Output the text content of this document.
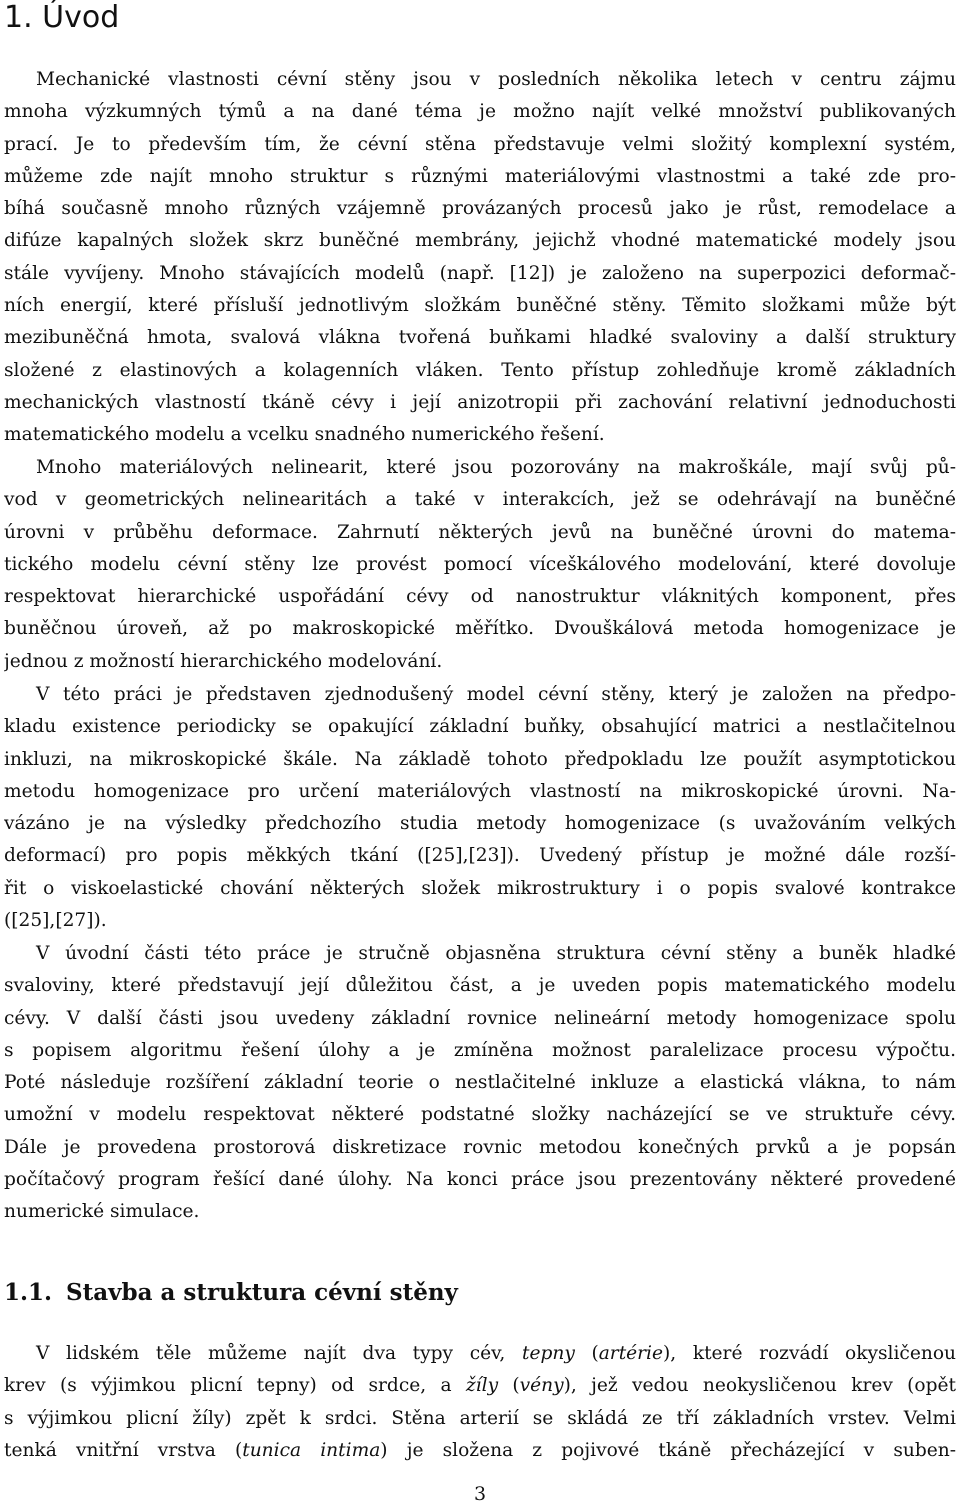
1. Úvod

Mechanické vlastnosti cévní stěny jsou v posledních několika letech v centru zájmu
mnoha výzkumných týmů a na dané téma je možno najít velké množství publikovaných
prací. Je to především tím, že cévní stěna představuje velmi složitý komplexní systém,
můžeme zde najít mnoho struktur s různými materiálovými vlastnostmi a také zde pro-
bíhá současně mnoho různých vzájemně provázaných procesů jako je růst, remodelace a
difúze kapalných složek skrz buněčné membrány, jejichž vhodné matematické modely jsou
stále vyvíjeny. Mnoho stávajících modelů (např. [12]) je založeno na superpozici deformač-
ních energií, které přísluší jednotlivým složkám buněčné stěny. Těmito složkami může být
mezibuněčná hmota, svalová vlákna tvořená buňkami hladké svaloviny a další struktury
složené z elastinových a kolagenních vláken. Tento přístup zohledňuje kromě základních
mechanických vlastností tkáně cévy i její anizotropii při zachování relativní jednoduchosti
matematického modelu a vcelku snadného numerického řešení.

Mnoho materiálových nelinearit, které jsou pozorovány na makroškále, mají svůj pů-
vod v geometrických nelinearitách a také v interakcích, jež se odehrávají na buněčné
úrovni v průběhu deformace. Zahrnutí některých jevů na buněčné úrovni do matema-
tického modelu cévní stěny lze provést pomocí víceškálového modelování, které dovoluje
respektovat hierarchické uspořádání cévy od nanostruktur vláknitých komponent, přes
buněčnou úroveň, až po makroskopické měřítko. Dvouškálová metoda homogenizace je
jednou z možností hierarchického modelování.

V této práci je představen zjednodušený model cévní stěny, který je založen na předpo-
kladu existence periodicky se opakující základní buňky, obsahující matrici a nestlačitelnou
inkluzi, na mikroskopické škále. Na základě tohoto předpokladu lze použít asymptotickou
metodu homogenizace pro určení materiálových vlastností na mikroskopické úrovni. Na-
vázáno je na výsledky předchozího studia metody homogenizace (s uvažováním velkých
deformací) pro popis měkkých tkání ([25],[23]). Uvedený přístup je možné dále rozší-
řit o viskoelastické chování některých složek mikrostruktury i o popis svalové kontrakce
([25],[27]).

V úvodní části této práce je stručně objasněna struktura cévní stěny a buněk hladké
svaloviny, které představují její důležitou část, a je uveden popis matematického modelu
cévy. V další části jsou uvedeny základní rovnice nelineární metody homogenizace spolu
s popisem algoritmu řešení úlohy a je zmíněna možnost paralelizace procesu výpočtu.
Poté následuje rozšíření základní teorie o nestlačitelné inkluze a elastická vlákna, to nám
umožní v modelu respektovat některé podstatné složky nacházející se ve struktuře cévy.
Dále je provedena prostorová diskretizace rovnic metodou konečných prvků a je popsán
počítačový program řešící dané úlohy. Na konci práce jsou prezentovány některé provedené
numerické simulace.

1.1. Stavba a struktura cévní stěny

V lidském těle můžeme najít dva typy cév, tepny (artérie), které rozvádí okysličenou
krev (s výjimkou plicní tepny) od srdce, a žíly (vény), jež vedou neokysličenou krev (opět
s výjimkou plicní žíly) zpět k srdci. Stěna arterií se skládá ze tří základních vrstev. Velmi
tenká vnitřní vrstva (tunica intima) je složena z pojivové tkáně přecházející v suben-

3
